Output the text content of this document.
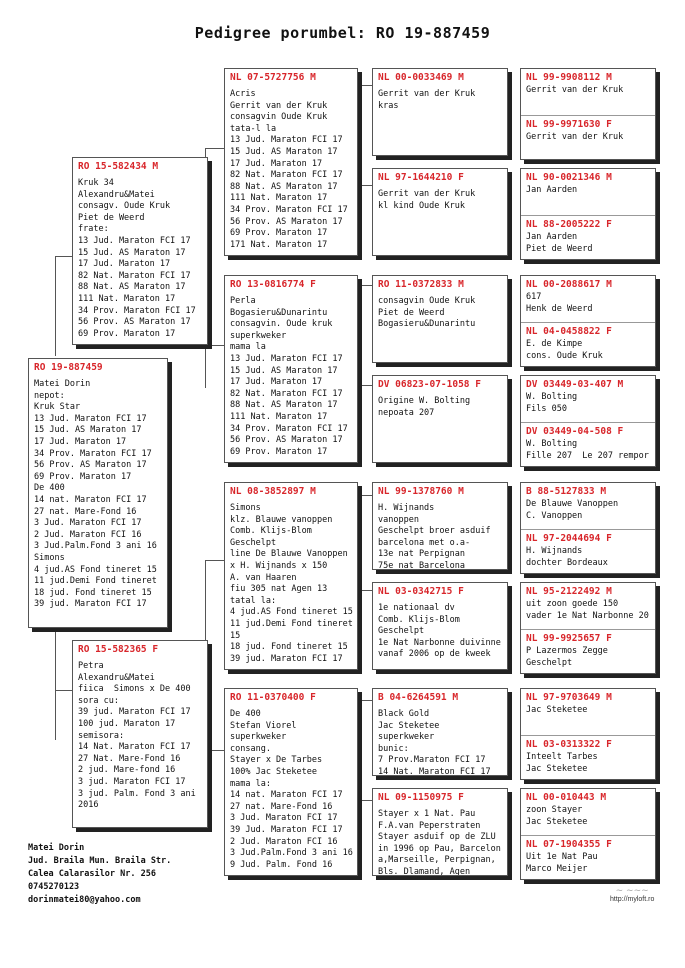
Pedigree porumbel: RO 19-887459
RO 19-887459
Matei Dorin
nepot:
Kruk Star
13 Jud. Maraton FCI 17
15 Jud. AS Maraton 17
17 Jud. Maraton 17
34 Prov. Maraton FCI 17
56 Prov. AS Maraton 17
69 Prov. Maraton 17
De 400
14 nat. Maraton FCI 17
27 nat. Mare-Fond 16
3 Jud. Maraton FCI 17
2 Jud. Maraton FCI 16
3 Jud.Palm.Fond 3 ani 16
Simons
4 jud.AS Fond tineret 15
11 jud.Demi Fond tineret
18 jud. Fond tineret 15
39 jud. Maraton FCI 17
RO 15-582434 M
Kruk 34
Alexandru&Matei
consagv. Oude Kruk
Piet de Weerd
frate:
13 Jud. Maraton FCI 17
15 Jud. AS Maraton 17
17 Jud. Maraton 17
82 Nat. Maraton FCI 17
88 Nat. AS Maraton 17
111 Nat. Maraton 17
34 Prov. Maraton FCI 17
56 Prov. AS Maraton 17
69 Prov. Maraton 17
RO 15-582365 F
Petra
Alexandru&Matei
fiica  Simons x De 400
sora cu:
39 jud. Maraton FCI 17
100 jud. Maraton 17
semisora:
14 Nat. Maraton FCI 17
27 Nat. Mare-Fond 16
2 jud. Mare-fond 16
3 jud. Maraton FCI 17
3 jud. Palm. Fond 3 ani
2016
NL 07-5727756 M
Acris
Gerrit van der Kruk
consagvin Oude Kruk
tata-l la
13 Jud. Maraton FCI 17
15 Jud. AS Maraton 17
17 Jud. Maraton 17
82 Nat. Maraton FCI 17
88 Nat. AS Maraton 17
111 Nat. Maraton 17
34 Prov. Maraton FCI 17
56 Prov. AS Maraton 17
69 Prov. Maraton 17
171 Nat. Maraton 17
RO 13-0816774 F
Perla
Bogasieru&Dunarintu
consagvin. Oude kruk
superkweker
mama la
13 Jud. Maraton FCI 17
15 Jud. AS Maraton 17
17 Jud. Maraton 17
82 Nat. Maraton FCI 17
88 Nat. AS Maraton 17
111 Nat. Maraton 17
34 Prov. Maraton FCI 17
56 Prov. AS Maraton 17
69 Prov. Maraton 17
NL 08-3852897 M
Simons
klz. Blauwe vanoppen
Comb. Klijs-Blom
Geschelpt
line De Blauwe Vanoppen
x H. Wijnands x 150
A. van Haaren
fiu 305 nat Agen 13
tatal la:
4 jud.AS Fond tineret 15
11 jud.Demi Fond tineret
15
18 jud. Fond tineret 15
39 jud. Maraton FCI 17
RO 11-0370400 F
De 400
Stefan Viorel
superkweker
consang.
Stayer x De Tarbes
100% Jac Steketee
mama la:
14 nat. Maraton FCI 17
27 nat. Mare-Fond 16
3 Jud. Maraton FCI 17
39 Jud. Maraton FCI 17
2 Jud. Maraton FCI 16
3 Jud.Palm.Fond 3 ani 16
9 Jud. Palm. Fond 16
NL 00-0033469 M
Gerrit van der Kruk
kras
NL 97-1644210 F
Gerrit van der Kruk
kl kind Oude Kruk
RO 11-0372833 M
consagvin Oude Kruk
Piet de Weerd
Bogasieru&Dunarintu
DV 06823-07-1058 F
Origine W. Bolting
nepoata 207
NL 99-1378760 M
H. Wijnands
vanoppen
Geschelpt broer asduif
barcelona met o.a-
13e nat Perpignan
75e nat Barcelona
NL 03-0342715 F
1e nationaal dv
Comb. Klijs-Blom
Geschelpt
1e Nat Narbonne duivinne
vanaf 2006 op de kweek
B 04-6264591 M
Black Gold
Jac Steketee
superkweker
bunic:
7 Prov.Maraton FCI 17
14 Nat. Maraton FCI 17
NL 09-1150975 F
Stayer x 1 Nat. Pau
F.A.van Peperstraten
Stayer asduif op de ZLU
in 1996 op Pau, Barcelon
a,Marseille, Perpignan,
Bls. Dlamand, Agen
NL 99-9908112 M
Gerrit van der Kruk
NL 99-9971630 F
Gerrit van der Kruk
NL 90-0021346 M
Jan Aarden
NL 88-2005222 F
Jan Aarden
Piet de Weerd
NL 00-2088617 M
617
Henk de Weerd
NL 04-0458822 F
E. de Kimpe
cons. Oude Kruk
DV 03449-03-407 M
W. Bolting
Fils 050
DV 03449-04-508 F
W. Bolting
Fille 207  Le 207 rempor
B 88-5127833 M
De Blauwe Vanoppen
C. Vanoppen
NL 97-2044694 F
H. Wijnands
dochter Bordeaux
NL 95-2122492 M
uit zoon goede 150
vader 1e Nat Narbonne 20
NL 99-9925657 F
P Lazermos Zegge
Geschelpt
NL 97-9703649 M
Jac Steketee
NL 03-0313322 F
Inteelt Tarbes
Jac Steketee
NL 00-010443 M
zoon Stayer
Jac Steketee
NL 07-1904355 F
Uit 1e Nat Pau
Marco Meijer
Matei Dorin
Jud. Braila Mun. Braila Str.
Calea Calarasilor Nr. 256
0745270123
dorinmatei80@yahoo.com
~ ~~~
http://myloft.ro
